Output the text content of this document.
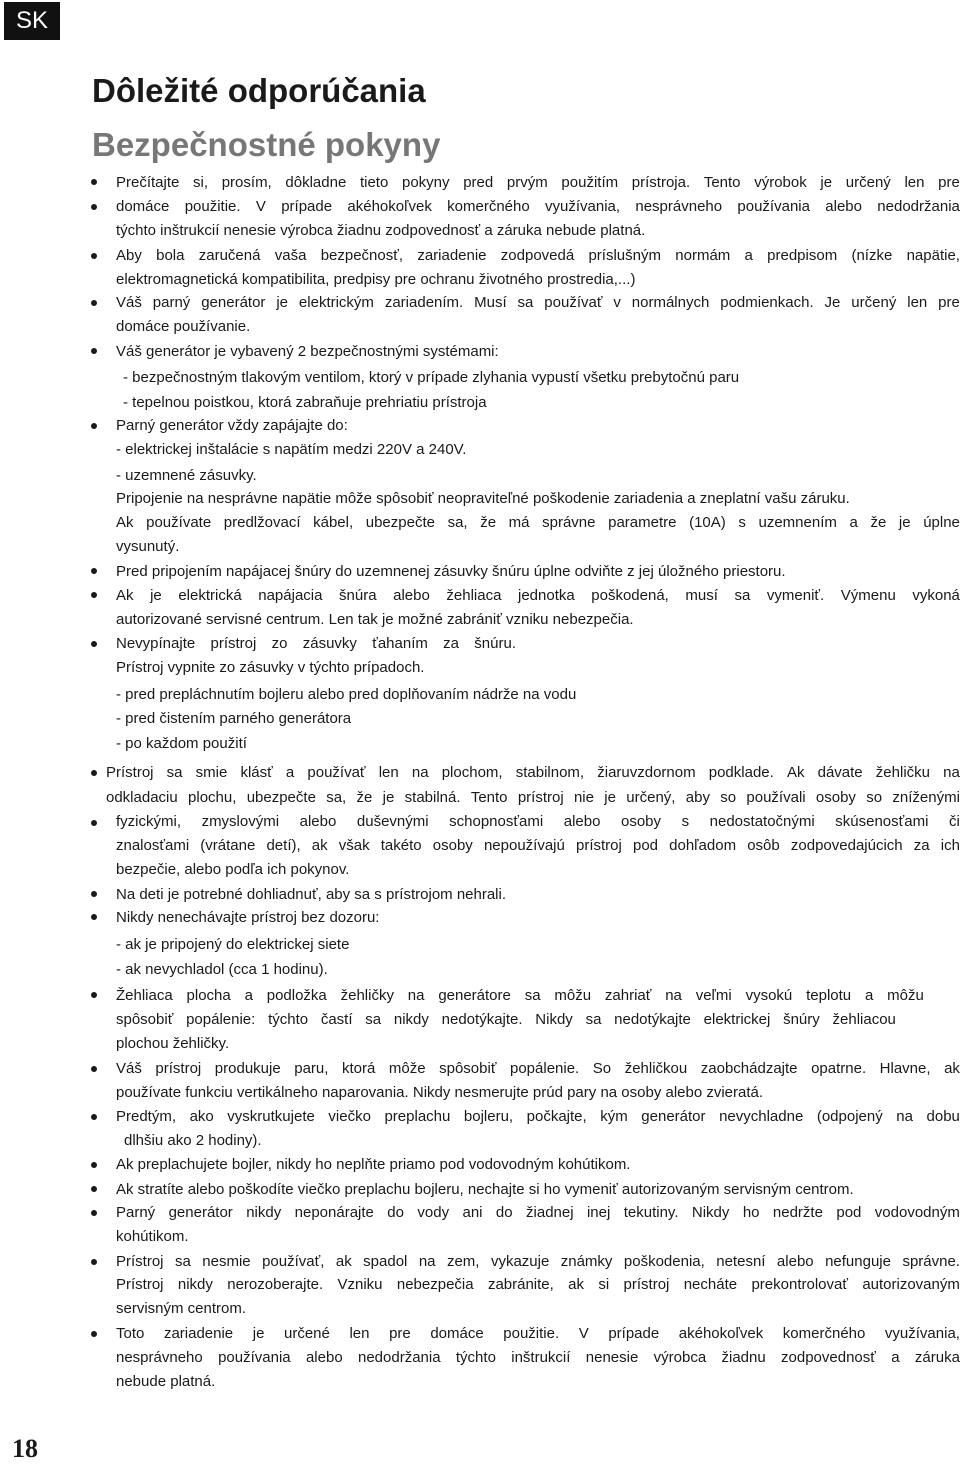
SK
Dôležité odporúčania
Bezpečnostné pokyny
Prečítajte si, prosím, dôkladne tieto pokyny pred prvým použitím prístroja. Tento výrobok je určený len pre
domáce použitie. V prípade akéhokoľvek komerčného využívania, nesprávneho používania alebo nedodržania
týchto inštrukcií nenesie výrobca žiadnu zodpovednosť a záruka nebude platná.
Aby bola zaručená vaša bezpečnosť, zariadenie zodpovedá príslušným normám a predpisom (nízke napätie,
elektromagnetická kompatibilita, predpisy pre ochranu životného prostredia,...)
Váš parný generátor je elektrickým zariadením. Musí sa používať v normálnych podmienkach. Je určený len pre
domáce používanie.
Váš generátor je vybavený 2 bezpečnostnými systémami:
- bezpečnostným tlakovým ventilom, ktorý v prípade zlyhania vypustí všetku prebytočnú paru
- tepelnou poistkou, ktorá zabraňuje prehriatiu prístroja
Parný generátor vždy zapájajte do:
- elektrickej inštalácie s napätím medzi 220V a 240V.
- uzemnené zásuvky.
Pripojenie na nesprávne napätie môže spôsobiť neopraviteľné poškodenie zariadenia a zneplatní vašu záruku.
Ak používate predlžovací kábel, ubezpečte sa, že má správne parametre (10A) s uzemnením a že je úplne
vysunutý.
Pred pripojením napájacej šnúry do uzemnenej zásuvky šnúru úplne odviňte z jej úložného priestoru.
Ak je elektrická napájacia šnúra alebo žehliaca jednotka poškodená, musí sa vymeniť. Výmenu vykoná
autorizované servisné centrum. Len tak je možné zabrániť vzniku nebezpečia.
Nevypínajte prístroj zo zásuvky ťahaním za šnúru.
Prístroj vypnite zo zásuvky v týchto prípadoch.
- pred prepláchnutím bojleru alebo pred doplňovaním nádrže na vodu
- pred čistením parného generátora
- po každom použití
Prístroj sa smie klásť a používať len na plochom, stabilnom, žiaruvzdornom podklade. Ak dávate žehličku na
odkladaciu plochu, ubezpečte sa, že je stabilná. Tento prístroj nie je určený, aby so používali osoby so zníženými
fyzickými, zmyslovými alebo duševnými schopnosťami alebo osoby s nedostatočnými skúsenosťami či
znalosťami (vrátane detí), ak však takéto osoby nepoužívajú prístroj pod dohľadom osôb zodpovedajúcich za ich
bezpečie, alebo podľa ich pokynov.
Na deti je potrebné dohliadnuť, aby sa s prístrojom nehrali.
Nikdy nenechávajte prístroj bez dozoru:
- ak je pripojený do elektrickej siete
- ak nevychladol (cca 1 hodinu).
Žehliaca plocha a podložka žehličky na generátore sa môžu zahriať na veľmi vysokú teplotu a môžu
spôsobiť popálenie: týchto častí sa nikdy nedotýkajte. Nikdy sa nedotýkajte elektrickej šnúry žehliacou
plochou žehličky.
Váš prístroj produkuje paru, ktorá môže spôsobiť popálenie. So žehličkou zaobchádzajte opatrne. Hlavne, ak
používate funkciu vertikálneho naparovania. Nikdy nesmerujte prúd pary na osoby alebo zvieratá.
Predtým, ako vyskrutkujete viečko preplachu bojleru, počkajte, kým generátor nevychladne (odpojený na dobu
dlhšiu ako 2 hodiny).
Ak preplachujete bojler, nikdy ho neplňte priamo pod vodovodným kohútikom.
Ak stratíte alebo poškodíte viečko preplachu bojleru, nechajte si ho vymeniť autorizovaným servisným centrom.
Parný generátor nikdy neponárajte do vody ani do žiadnej inej tekutiny. Nikdy ho nedržte pod vodovodným
kohútikom.
Prístroj sa nesmie používať, ak spadol na zem, vykazuje známky poškodenia, netesní alebo nefunguje správne.
Prístroj nikdy nerozoberajte. Vzniku nebezpečia zabránite, ak si prístroj necháte prekontrolovať autorizovaným
servisným centrom.
Toto zariadenie je určené len pre domáce použitie. V prípade akéhokoľvek komerčného využívania,
nesprávneho používania alebo nedodržania týchto inštrukcií nenesie výrobca žiadnu zodpovednosť a záruka
nebude platná.
18
